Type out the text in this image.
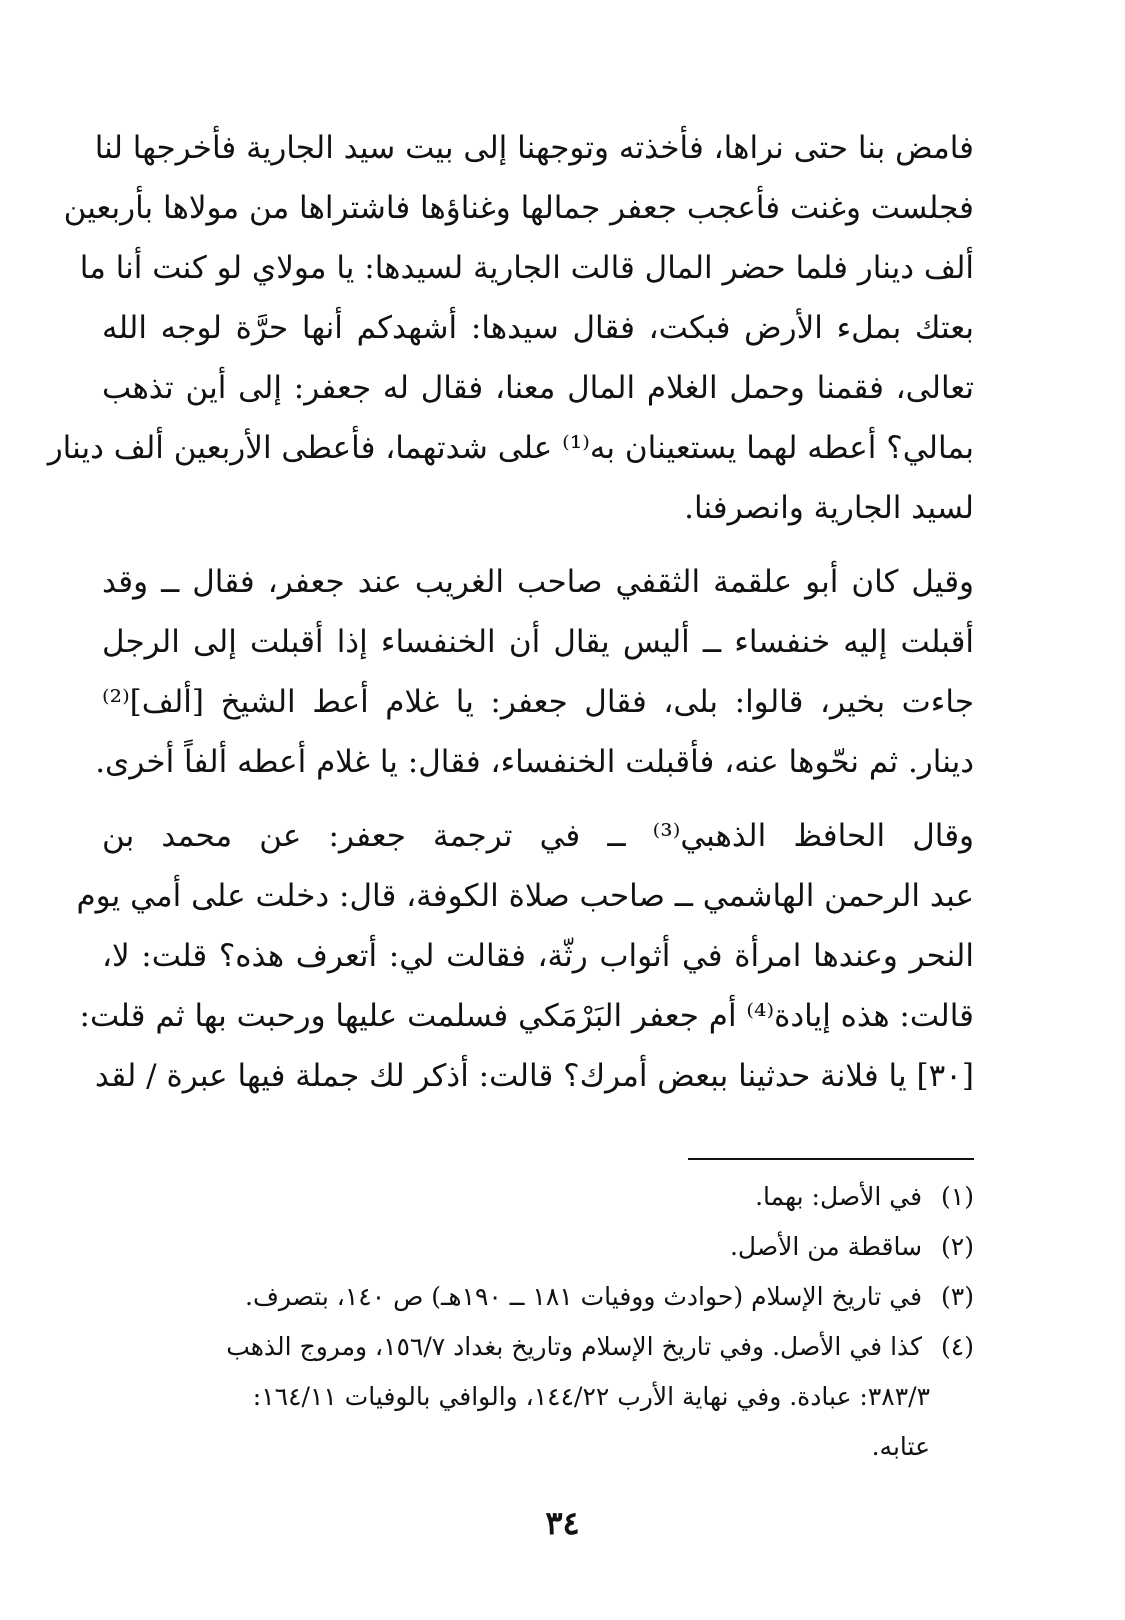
فامض بنا حتى نراها، فأخذته وتوجهنا إلى بيت سيد الجارية فأخرجها لنا

فجلست وغنت فأعجب جعفر جمالها وغناؤها فاشتراها من مولاها بأربعين

ألف دينار فلما حضر المال قالت الجارية لسيدها: يا مولاي لو كنت أنا ما

بعتك بملء الأرض فبكت، فقال سيدها: أشهدكم أنها حرَّة لوجه الله

تعالى، فقمنا وحمل الغلام المال معنا، فقال له جعفر: إلى أين تذهب

بمالي؟ أعطه لهما يستعينان به⁽¹⁾ على شدتهما، فأعطى الأربعين ألف دينار

لسيد الجارية وانصرفنا.

وقيل كان أبو علقمة الثقفي صاحب الغريب عند جعفر، فقال ــ وقد

أقبلت إليه خنفساء ــ أليس يقال أن الخنفساء إذا أقبلت إلى الرجل

جاءت بخير، قالوا: بلى، فقال جعفر: يا غلام أعط الشيخ [ألف]⁽²⁾

دينار. ثم نحّوها عنه، فأقبلت الخنفساء، فقال: يا غلام أعطه ألفاً أخرى.

وقال الحافظ الذهبي⁽³⁾ ــ في ترجمة جعفر: عن محمد بن

عبد الرحمن الهاشمي ــ صاحب صلاة الكوفة، قال: دخلت على أمي يوم

النحر وعندها امرأة في أثواب رثّة، فقالت لي: أتعرف هذه؟ قلت: لا،

قالت: هذه إيادة⁽⁴⁾ أم جعفر البَرْمَكي فسلمت عليها ورحبت بها ثم قلت:

[٣٠] يا فلانة حدثينا ببعض أمرك؟ قالت: أذكر لك جملة فيها عبرة / لقد

(١) في الأصل: بهما.
(٢) ساقطة من الأصل.
(٣) في تاريخ الإسلام (حوادث ووفيات ١٨١ ــ ١٩٠هـ) ص ١٤٠، بتصرف.
(٤) كذا في الأصل. وفي تاريخ الإسلام وتاريخ بغداد ١٥٦/٧، ومروج الذهب
٣٨٣/٣: عبادة. وفي نهاية الأرب ١٤٤/٢٢، والوافي بالوفيات ١٦٤/١١:
عتابه.
٣٤
